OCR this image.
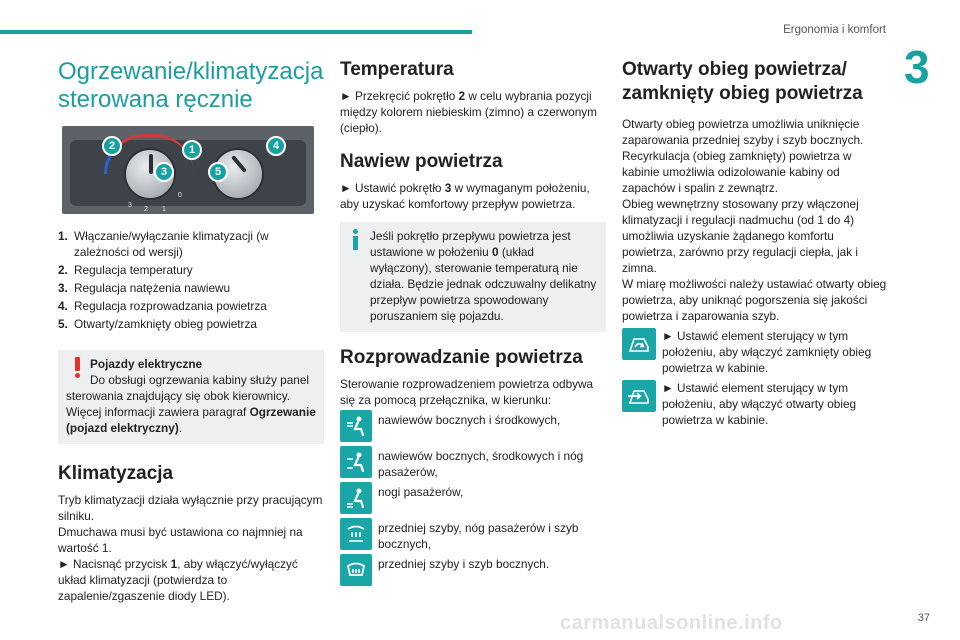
Ergonomia i komfort
3
Ogrzewanie/klimatyzacja sterowana ręcznie
2	1
3	5
4
3
2 1
0
1. Włączanie/wyłączanie klimatyzacji (w zależności od wersji)
2. Regulacja temperatury
3. Regulacja natężenia nawiewu
4. Regulacja rozprowadzania powietrza
5. Otwarty/zamknięty obieg powietrza
Pojazdy elektryczne
Do obsługi ogrzewania kabiny służy panel
sterowania znajdujący się obok kierownicy. Więcej informacji zawiera paragraf Ogrzewanie (pojazd elektryczny).
Klimatyzacja

Tryb klimatyzacji działa wyłącznie przy pracującym silniku.

Dmuchawa musi być ustawiona co najmniej na wartość 1.

► Nacisnąć przycisk 1, aby włączyć/wyłączyć układ klimatyzacji (potwierdza to zapalenie/zgaszenie diody LED).

Temperatura

► Przekręcić pokrętło 2 w celu wybrania pozycji między kolorem niebieskim (zimno) a czerwonym (ciepło).

Nawiew powietrza

► Ustawić pokrętło 3 w wymaganym położeniu, aby uzyskać komfortowy przepływ powietrza.

Jeśli pokrętło przepływu powietrza jest ustawione w położeniu 0 (układ wyłączony), sterowanie temperaturą nie działa. Będzie jednak odczuwalny delikatny przepływ powietrza spowodowany poruszaniem się pojazdu.

Rozprowadzanie powietrza

Sterowanie rozprowadzeniem powietrza odbywa się za pomocą przełącznika, w kierunku:

nawiewów bocznych i środkowych,
nawiewów bocznych, środkowych i nóg pasażerów,
nogi pasażerów,
przedniej szyby, nóg pasażerów i szyb bocznych,
przedniej szyby i szyb bocznych.
Otwarty obieg powietrza/ zamknięty obieg powietrza

Otwarty obieg powietrza umożliwia uniknięcie zaparowania przedniej szyby i szyb bocznych.

Recyrkulacja (obieg zamknięty) powietrza w kabinie umożliwia odizolowanie kabiny od zapachów i spalin z zewnątrz.

Obieg wewnętrzny stosowany przy włączonej klimatyzacji i regulacji nadmuchu (od 1 do 4) umożliwia uzyskanie żądanego komfortu powietrza, zarówno przy regulacji ciepła, jak i zimna.

W miarę możliwości należy ustawiać otwarty obieg powietrza, aby uniknąć pogorszenia się jakości powietrza i zaparowania szyb.

► Ustawić element sterujący w tym położeniu, aby włączyć zamknięty obieg powietrza w kabinie.
► Ustawić element sterujący w tym położeniu, aby włączyć otwarty obieg powietrza w kabinie.
carmanualsonline.info	37
